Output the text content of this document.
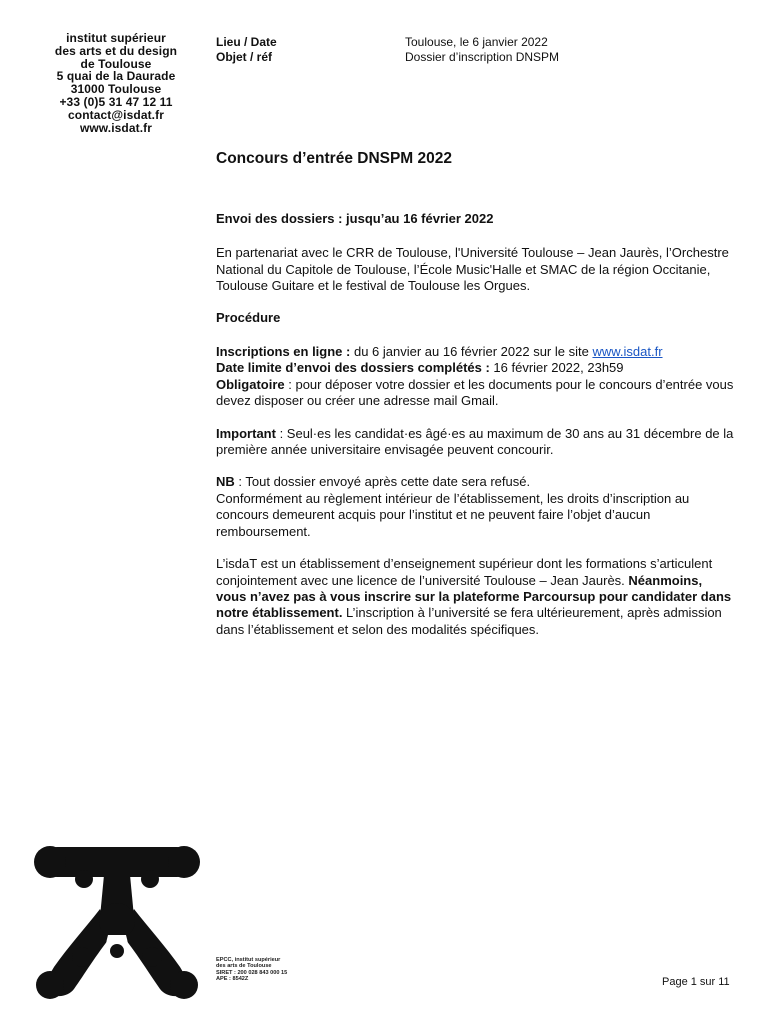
institut supérieur
des arts et du design
de Toulouse
5 quai de la Daurade
31000 Toulouse
+33 (0)5 31 47 12 11
contact@isdat.fr
www.isdat.fr
Lieu / Date
Objet / réf
Toulouse, le 6 janvier 2022
Dossier d’inscription DNSPM
Concours d’entrée DNSPM 2022

Envoi des dossiers : jusqu’au 16 février 2022

En partenariat avec le CRR de Toulouse, l'Université Toulouse – Jean Jaurès, l’Orchestre National du Capitole de Toulouse, l’École Music'Halle et SMAC de la région Occitanie, Toulouse Guitare et le festival de Toulouse les Orgues.

Procédure

Inscriptions en ligne : du 6 janvier au 16 février 2022 sur le site www.isdat.fr

Date limite d’envoi des dossiers complétés : 16 février 2022, 23h59

Obligatoire : pour déposer votre dossier et les documents pour le concours d’entrée vous devez disposer ou créer une adresse mail Gmail.

Important : Seul·es les candidat·es âgé·es au maximum de 30 ans au 31 décembre de la première année universitaire envisagée peuvent concourir.

NB : Tout dossier envoyé après cette date sera refusé.

Conformément au règlement intérieur de l’établissement, les droits d’inscription au concours demeurent acquis pour l’institut et ne peuvent faire l’objet d’aucun remboursement.

L’isdaT est un établissement d’enseignement supérieur dont les formations s’articulent conjointement avec une licence de l’université Toulouse – Jean Jaurès. Néanmoins, vous n’avez pas à vous inscrire sur la plateforme Parcoursup pour candidater dans notre établissement. L’inscription à l’université se fera ultérieurement, après admission dans l’établissement et selon des modalités spécifiques.

EPCC, institut supérieur
des arts de Toulouse
SIRET : 200 028 843 000 15
APE : 8542Z	Page 1 sur 11
